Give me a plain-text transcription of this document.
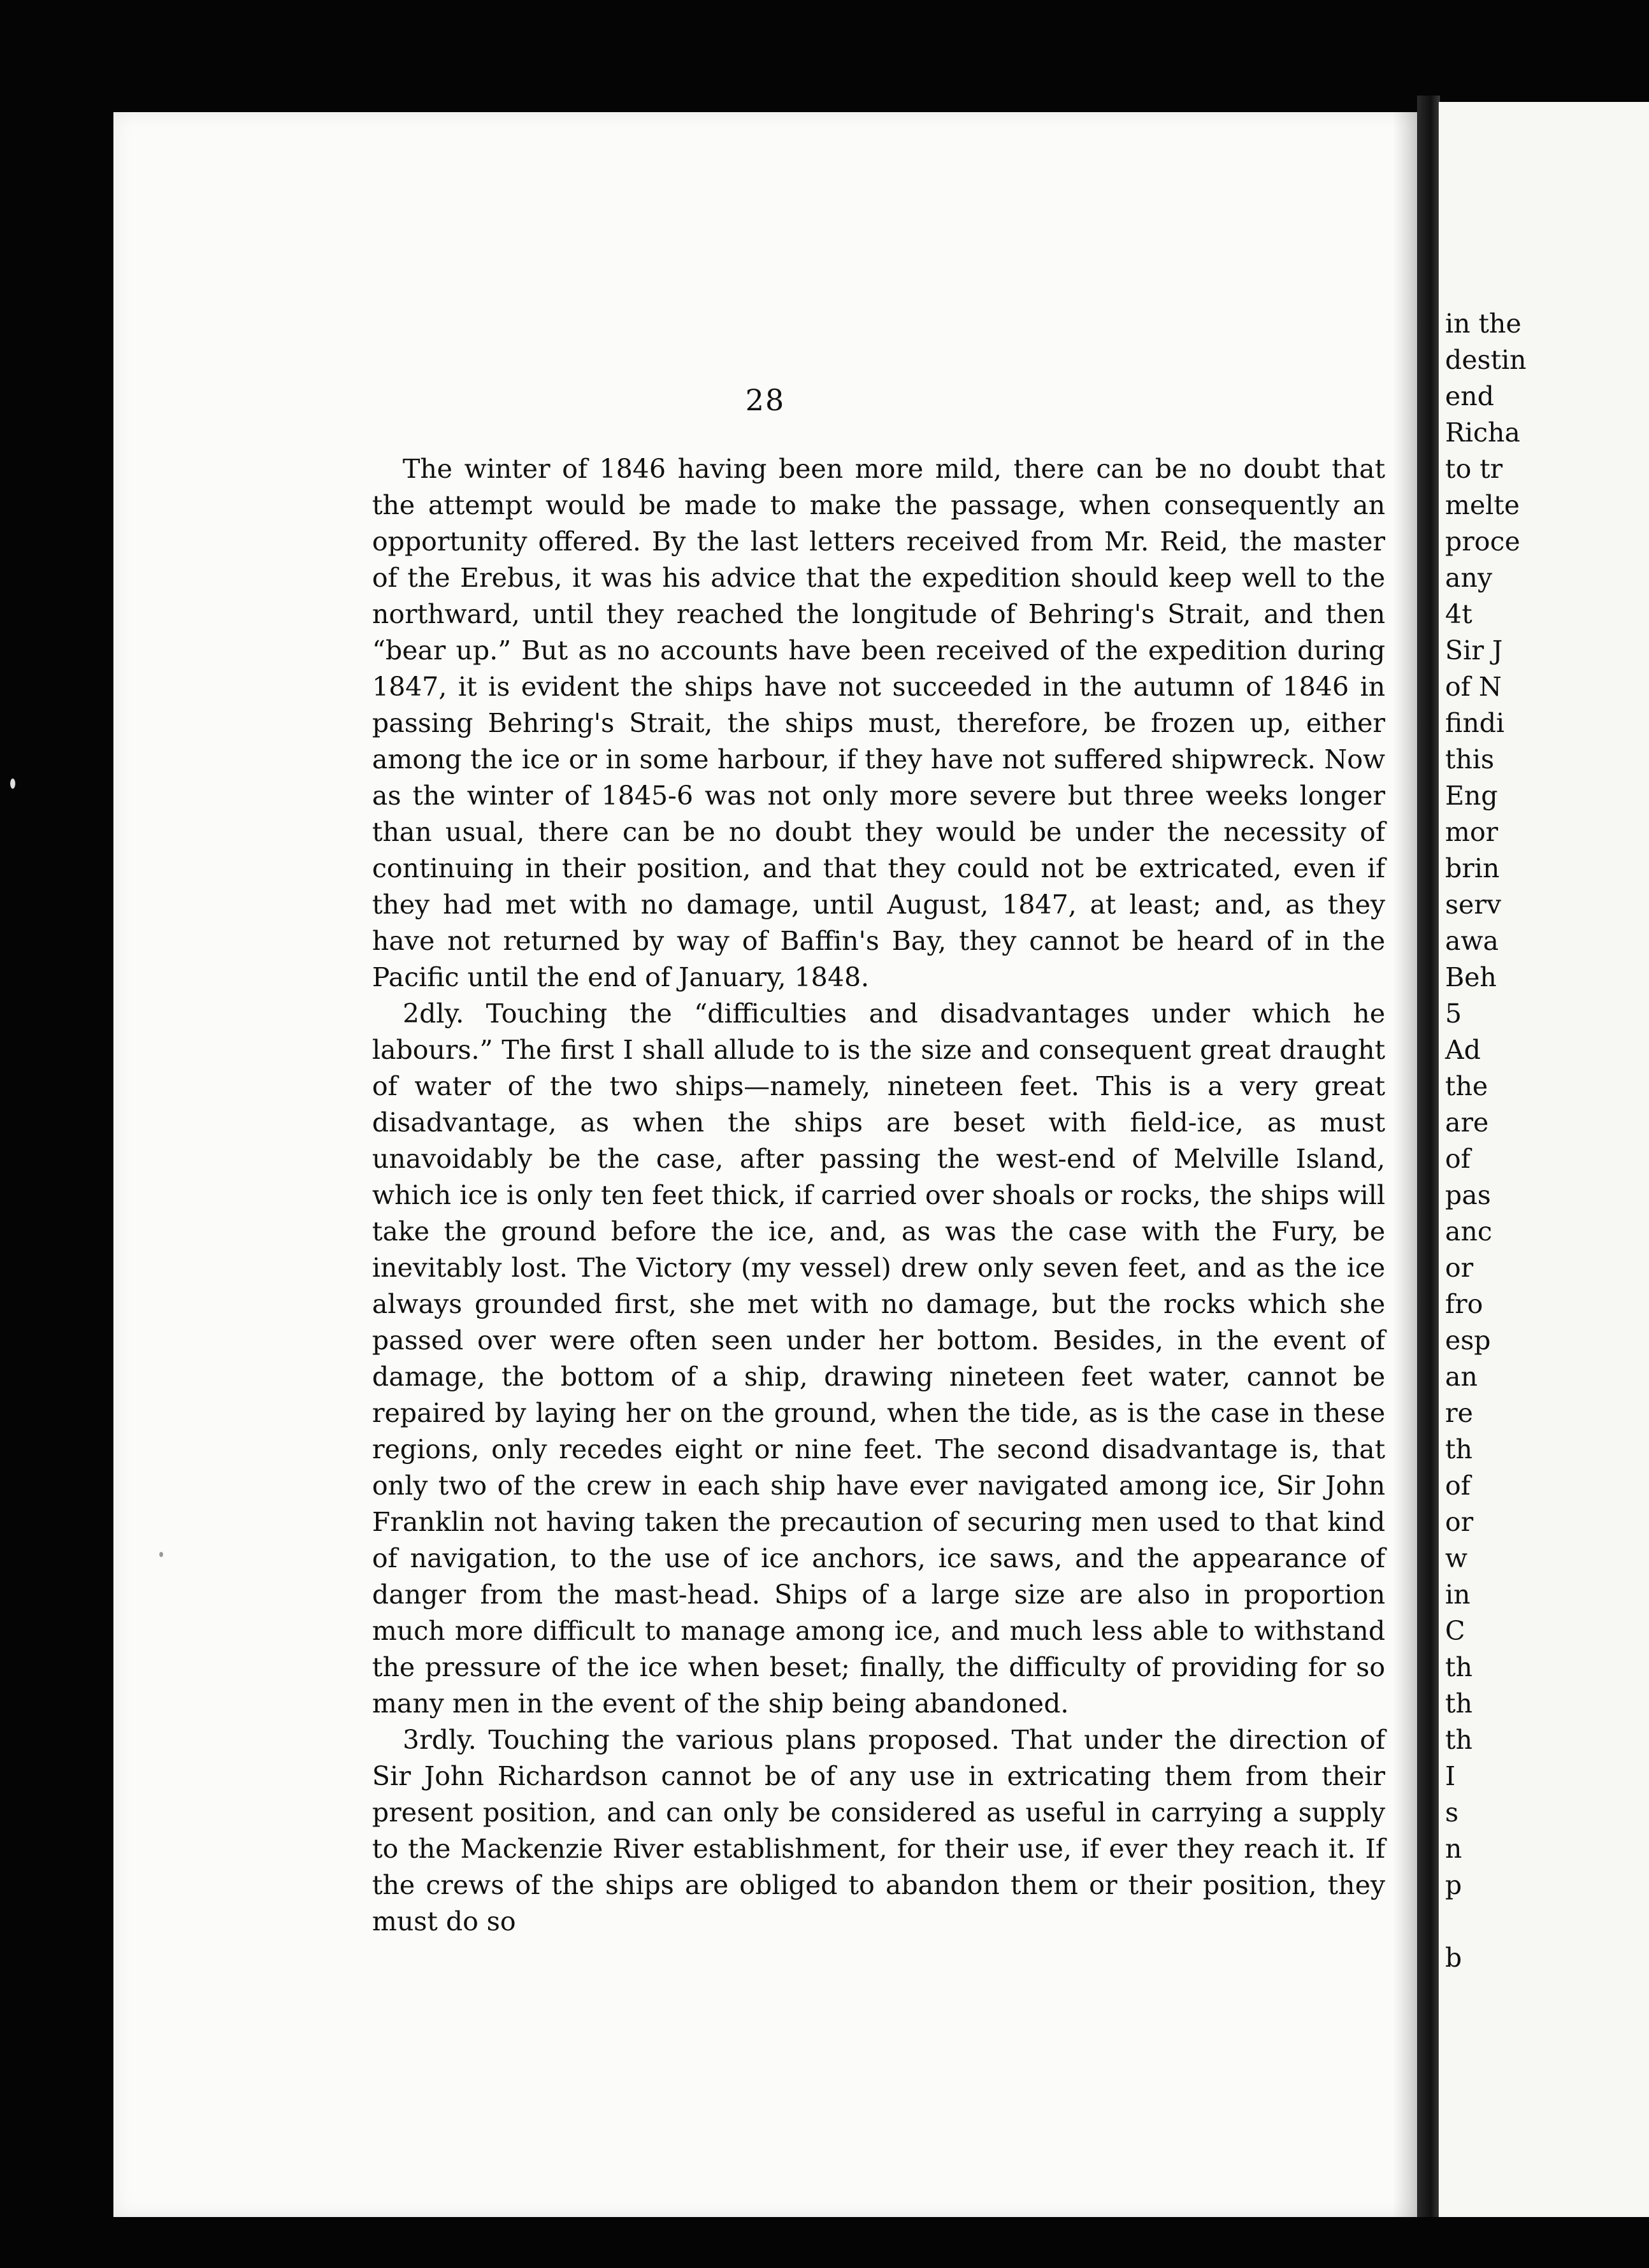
28

The winter of 1846 having been more mild, there can be no doubt that the attempt would be made to make the passage, when consequently an opportunity offered. By the last letters received from Mr. Reid, the master of the Erebus, it was his advice that the expedition should keep well to the northward, until they reached the longitude of Behring's Strait, and then “bear up.” But as no accounts have been received of the expedition during 1847, it is evident the ships have not succeeded in the autumn of 1846 in passing Behring's Strait, the ships must, therefore, be frozen up, either among the ice or in some harbour, if they have not suffered shipwreck. Now as the winter of 1845-6 was not only more severe but three weeks longer than usual, there can be no doubt they would be under the necessity of continuing in their position, and that they could not be extricated, even if they had met with no damage, until August, 1847, at least; and, as they have not returned by way of Baffin's Bay, they cannot be heard of in the Pacific until the end of January, 1848.

2dly. Touching the “difficulties and disadvantages under which he labours.” The first I shall allude to is the size and consequent great draught of water of the two ships—namely, nineteen feet. This is a very great disadvantage, as when the ships are beset with field-ice, as must unavoidably be the case, after passing the west-end of Melville Island, which ice is only ten feet thick, if carried over shoals or rocks, the ships will take the ground before the ice, and, as was the case with the Fury, be inevitably lost. The Victory (my vessel) drew only seven feet, and as the ice always grounded first, she met with no damage, but the rocks which she passed over were often seen under her bottom. Besides, in the event of damage, the bottom of a ship, drawing nineteen feet water, cannot be repaired by laying her on the ground, when the tide, as is the case in these regions, only recedes eight or nine feet. The second disadvantage is, that only two of the crew in each ship have ever navigated among ice, Sir John Franklin not having taken the precaution of securing men used to that kind of navigation, to the use of ice anchors, ice saws, and the appearance of danger from the mast-head. Ships of a large size are also in proportion much more difficult to manage among ice, and much less able to withstand the pressure of the ice when beset; finally, the difficulty of providing for so many men in the event of the ship being abandoned.

3rdly. Touching the various plans proposed. That under the direction of Sir John Richardson cannot be of any use in extricating them from their present position, and can only be considered as useful in carrying a supply to the Mackenzie River establishment, for their use, if ever they reach it. If the crews of the ships are obliged to abandon them or their position, they must do so

in the
destin
end
Richa
to tr
melte
proce
any
4t
Sir J
of N
findi
this
Eng
mor
brin
serv
awa
Beh
5
Ad
the
are
of
pas
anc
or
fro
esp
an
re
th
of
or
w
in
C
th
th
th
I
s
n
p
b
